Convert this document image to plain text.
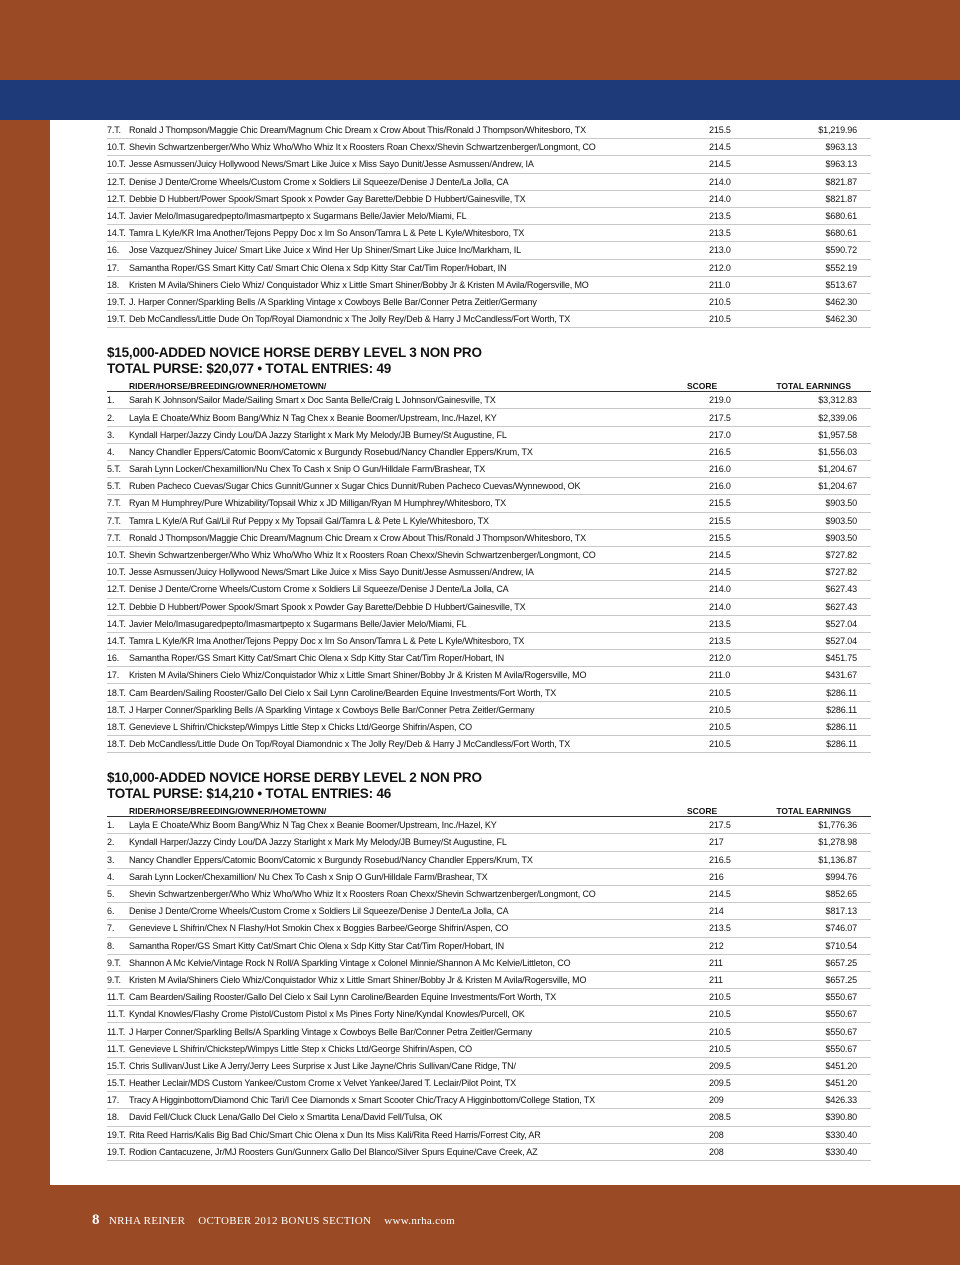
7.T. Ronald J Thompson/Maggie Chic Dream/Magnum Chic Dream x Crow About This/Ronald J Thompson/Whitesboro, TX	215.5	$1,219.96
10.T. Shevin Schwartzenberger/Who Whiz Who/Who Whiz It x Roosters Roan Chexx/Shevin Schwartzenberger/Longmont, CO	214.5	$963.13
10.T. Jesse Asmussen/Juicy Hollywood News/Smart Like Juice x Miss Sayo Dunit/Jesse Asmussen/Andrew, IA	214.5	$963.13
12.T. Denise J Dente/Crome Wheels/Custom Crome x Soldiers Lil Squeeze/Denise J Dente/La Jolla, CA	214.0	$821.87
12.T. Debbie D Hubbert/Power Spook/Smart Spook x Powder Gay Barette/Debbie D Hubbert/Gainesville, TX	214.0	$821.87
14.T. Javier Melo/Imasugaredpepto/Imasmartpepto x Sugarmans Belle/Javier Melo/Miami, FL	213.5	$680.61
14.T. Tamra L Kyle/KR Ima Another/Tejons Peppy Doc x Im So Anson/Tamra L & Pete L Kyle/Whitesboro, TX	213.5	$680.61
16.	Jose Vazquez/Shiney Juice/ Smart Like Juice x Wind Her Up Shiner/Smart Like Juice Inc/Markham, IL	213.0	$590.72
17.	Samantha Roper/GS Smart Kitty Cat/ Smart Chic Olena x Sdp Kitty Star Cat/Tim Roper/Hobart, IN	212.0	$552.19
18.	Kristen M Avila/Shiners Cielo Whiz/ Conquistador Whiz x Little Smart Shiner/Bobby Jr & Kristen M Avila/Rogersville, MO	211.0	$513.67
19.T. J. Harper Conner/Sparkling Bells /A Sparkling Vintage x Cowboys Belle Bar/Conner Petra Zeitler/Germany	210.5	$462.30
19.T. Deb McCandless/Little Dude On Top/Royal Diamondnic x The Jolly Rey/Deb & Harry J McCandless/Fort Worth, TX	210.5	$462.30
$15,000-ADDED NOVICE HORSE DERBY LEVEL 3 NON PRO
TOTAL PURSE: $20,077 • TOTAL ENTRIES: 49
RIDER/HORSE/BREEDING/OWNER/HOMETOWN/	SCORE	TOTAL EARNINGS
1.	Sarah K Johnson/Sailor Made/Sailing Smart x Doc Santa Belle/Craig L Johnson/Gainesville, TX	219.0	$3,312.83
2.	Layla E Choate/Whiz Boom Bang/Whiz N Tag Chex x Beanie Boomer/Upstream, Inc./Hazel, KY	217.5	$2,339.06
3.	Kyndall Harper/Jazzy Cindy Lou/DA Jazzy Starlight x Mark My Melody/JB Burney/St Augustine, FL	217.0	$1,957.58
4.	Nancy Chandler Eppers/Catomic Boom/Catomic x Burgundy Rosebud/Nancy Chandler Eppers/Krum, TX	216.5	$1,556.03
5.T. Sarah Lynn Locker/Chexamillion/Nu Chex To Cash x Snip O Gun/Hilldale Farm/Brashear, TX	216.0	$1,204.67
5.T. Ruben Pacheco Cuevas/Sugar Chics Gunnit/Gunner x Sugar Chics Dunnit/Ruben Pacheco Cuevas/Wynnewood, OK	216.0	$1,204.67
7.T. Ryan M Humphrey/Pure Whizability/Topsail Whiz x JD Milligan/Ryan M Humphrey/Whitesboro, TX	215.5	$903.50
7.T. Tamra L Kyle/A Ruf Gal/Lil Ruf Peppy x My Topsail Gal/Tamra L & Pete L Kyle/Whitesboro, TX	215.5	$903.50
7.T. Ronald J Thompson/Maggie Chic Dream/Magnum Chic Dream x Crow About This/Ronald J Thompson/Whitesboro, TX	215.5	$903.50
10.T. Shevin Schwartzenberger/Who Whiz Who/Who Whiz It x Roosters Roan Chexx/Shevin Schwartzenberger/Longmont, CO	214.5	$727.82
10.T. Jesse Asmussen/Juicy Hollywood News/Smart Like Juice x Miss Sayo Dunit/Jesse Asmussen/Andrew, IA	214.5	$727.82
12.T. Denise J Dente/Crome Wheels/Custom Crome x Soldiers Lil Squeeze/Denise J Dente/La Jolla, CA	214.0	$627.43
12.T. Debbie D Hubbert/Power Spook/Smart Spook x Powder Gay Barette/Debbie D Hubbert/Gainesville, TX	214.0	$627.43
14.T. Javier Melo/Imasugaredpepto/Imasmartpepto x Sugarmans Belle/Javier Melo/Miami, FL	213.5	$527.04
14.T. Tamra L Kyle/KR Ima Another/Tejons Peppy Doc x Im So Anson/Tamra L & Pete L Kyle/Whitesboro, TX	213.5	$527.04
16.	Samantha Roper/GS Smart Kitty Cat/Smart Chic Olena x Sdp Kitty Star Cat/Tim Roper/Hobart, IN	212.0	$451.75
17.	Kristen M Avila/Shiners Cielo Whiz/Conquistador Whiz x Little Smart Shiner/Bobby Jr & Kristen M Avila/Rogersville, MO	211.0	$431.67
18.T. Cam Bearden/Sailing Rooster/Gallo Del Cielo x Sail Lynn Caroline/Bearden Equine Investments/Fort Worth, TX	210.5	$286.11
18.T. J Harper Conner/Sparkling Bells /A Sparkling Vintage x Cowboys Belle Bar/Conner Petra Zeitler/Germany	210.5	$286.11
18.T. Genevieve L Shifrin/Chickstep/Wimpys Little Step x Chicks Ltd/George Shifrin/Aspen, CO	210.5	$286.11
18.T. Deb McCandless/Little Dude On Top/Royal Diamondnic x The Jolly Rey/Deb & Harry J McCandless/Fort Worth, TX	210.5	$286.11
$10,000-ADDED NOVICE HORSE DERBY LEVEL 2 NON PRO
TOTAL PURSE: $14,210 • TOTAL ENTRIES: 46
RIDER/HORSE/BREEDING/OWNER/HOMETOWN/	SCORE	TOTAL EARNINGS
1.	Layla E Choate/Whiz Boom Bang/Whiz N Tag Chex x Beanie Boomer/Upstream, Inc./Hazel, KY	217.5	$1,776.36
2.	Kyndall Harper/Jazzy Cindy Lou/DA Jazzy Starlight x Mark My Melody/JB Burney/St Augustine, FL	217	$1,278.98
3.	Nancy Chandler Eppers/Catomic Boom/Catomic x Burgundy Rosebud/Nancy Chandler Eppers/Krum, TX	216.5	$1,136.87
4.	Sarah Lynn Locker/Chexamillion/ Nu Chex To Cash x Snip O Gun/Hilldale Farm/Brashear, TX	216	$994.76
5.	Shevin Schwartzenberger/Who Whiz Who/Who Whiz It x Roosters Roan Chexx/Shevin Schwartzenberger/Longmont, CO	214.5	$852.65
6.	Denise J Dente/Crome Wheels/Custom Crome x Soldiers Lil Squeeze/Denise J Dente/La Jolla, CA	214	$817.13
7.	Genevieve L Shifrin/Chex N Flashy/Hot Smokin Chex x Boggies Barbee/George Shifrin/Aspen, CO	213.5	$746.07
8.	Samantha Roper/GS Smart Kitty Cat/Smart Chic Olena x Sdp Kitty Star Cat/Tim Roper/Hobart, IN	212	$710.54
9.T. Shannon A Mc Kelvie/Vintage Rock N Roll/A Sparkling Vintage x Colonel Minnie/Shannon A Mc Kelvie/Littleton, CO	211	$657.25
9.T. Kristen M Avila/Shiners Cielo Whiz/Conquistador Whiz x Little Smart Shiner/Bobby Jr & Kristen M Avila/Rogersville, MO	211	$657.25
11.T. Cam Bearden/Sailing Rooster/Gallo Del Cielo x Sail Lynn Caroline/Bearden Equine Investments/Fort Worth, TX	210.5	$550.67
11.T. Kyndal Knowles/Flashy Crome Pistol/Custom Pistol x Ms Pines Forty Nine/Kyndal Knowles/Purcell, OK	210.5	$550.67
11.T. J Harper Conner/Sparkling Bells/A Sparkling Vintage x Cowboys Belle Bar/Conner Petra Zeitler/Germany	210.5	$550.67
11.T. Genevieve L Shifrin/Chickstep/Wimpys Little Step x Chicks Ltd/George Shifrin/Aspen, CO	210.5	$550.67
15.T. Chris Sullivan/Just Like A Jerry/Jerry Lees Surprise x Just Like Jayne/Chris Sullivan/Cane Ridge, TN/	209.5	$451.20
15.T. Heather Leclair/MDS Custom Yankee/Custom Crome x Velvet Yankee/Jared T. Leclair/Pilot Point, TX	209.5	$451.20
17.	Tracy A Higginbottom/Diamond Chic Tari/I Cee Diamonds x Smart Scooter Chic/Tracy A Higginbottom/College Station, TX	209	$426.33
18.	David Fell/Cluck Cluck Lena/Gallo Del Cielo x Smartita Lena/David Fell/Tulsa, OK	208.5	$390.80
19.T. Rita Reed Harris/Kalis Big Bad Chic/Smart Chic Olena x Dun Its Miss Kali/Rita Reed Harris/Forrest City, AR	208	$330.40
19.T. Rodion Cantacuzene, Jr/MJ Roosters Gun/Gunnerx Gallo Del Blanco/Silver Spurs Equine/Cave Creek, AZ	208	$330.40
8 NRHA REINER OCTOBER 2012 BONUS SECTION www.nrha.com
